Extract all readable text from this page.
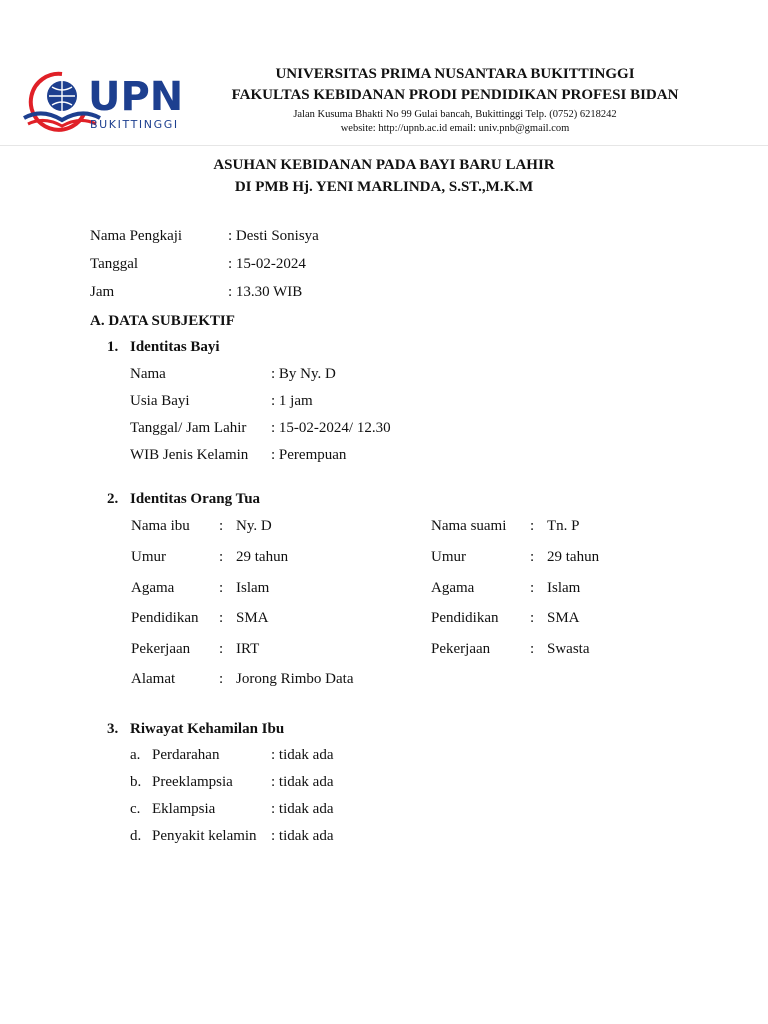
UPN
BUKITTINGGI
UNIVERSITAS PRIMA NUSANTARA BUKITTINGGI
FAKULTAS KEBIDANAN PRODI PENDIDIKAN PROFESI BIDAN
Jalan Kusuma Bhakti No 99 Gulai bancah, Bukittinggi Telp. (0752) 6218242
website: http://upnb.ac.id email: univ.pnb@gmail.com
ASUHAN KEBIDANAN PADA BAYI BARU LAHIR
DI PMB Hj. YENI MARLINDA, S.ST.,M.K.M
Nama Pengkaji	: Desti Sonisya
Tanggal	: 15-02-2024
Jam	: 13.30 WIB
A. DATA SUBJEKTIF
1. Identitas Bayi
Nama	: By Ny. D
Usia Bayi	: 1 jam
Tanggal/ Jam Lahir : 15-02-2024/ 12.30
WIB Jenis Kelamin : Perempuan
2. Identitas Orang Tua
Nama ibu : Ny. D
Umur	: 29 tahun
Agama	: Islam
Pendidikan : SMA
Pekerjaan : IRT
Alamat	: Jorong Rimbo Data
Nama suami : Tn. P
Umur	: 29 tahun
Agama	: Islam
Pendidikan : SMA
Pekerjaan	: Swasta
3. Riwayat Kehamilan Ibu
a. Perdarahan	: tidak ada
b. Preeklampsia	: tidak ada
c. Eklampsia	: tidak ada
d. Penyakit kelamin : tidak ada
